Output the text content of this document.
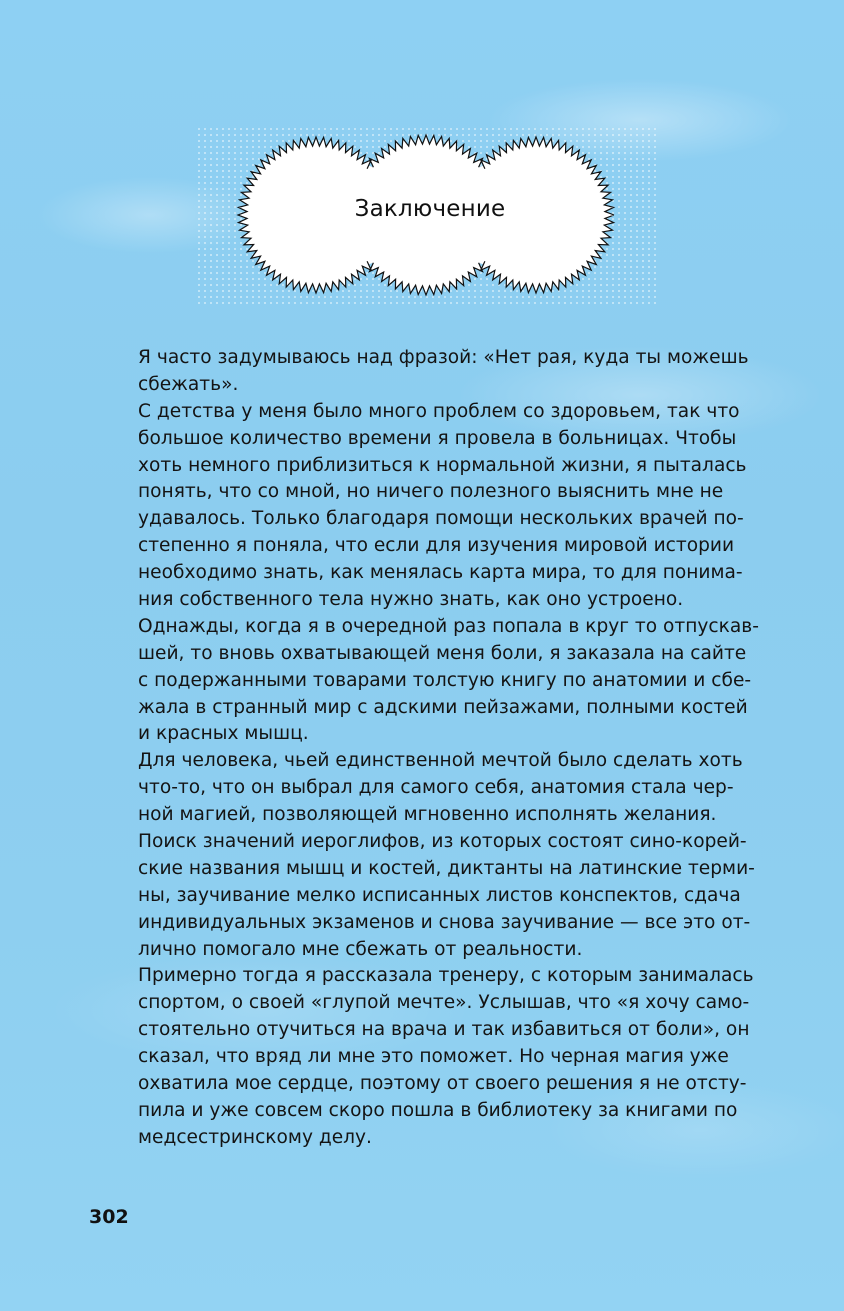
Заключение
Я часто задумываюсь над фразой: «Нет рая, куда ты можешь
сбежать».
С детства у меня было много проблем со здоровьем, так что
большое количество времени я провела в больницах. Чтобы
хоть немного приблизиться к нормальной жизни, я пыталась
понять, что со мной, но ничего полезного выяснить мне не
удавалось. Только благодаря помощи нескольких врачей по-
степенно я поняла, что если для изучения мировой истории
необходимо знать, как менялась карта мира, то для понима-
ния собственного тела нужно знать, как оно устроено.
Однажды, когда я в очередной раз попала в круг то отпускав-
шей, то вновь охватывающей меня боли, я заказала на сайте
с подержанными товарами толстую книгу по анатомии и сбе-
жала в странный мир с адскими пейзажами, полными костей
и красных мышц.
Для человека, чьей единственной мечтой было сделать хоть
что-то, что он выбрал для самого себя, анатомия стала чер-
ной магией, позволяющей мгновенно исполнять желания.
Поиск значений иероглифов, из которых состоят сино-корей-
ские названия мышц и костей, диктанты на латинские терми-
ны, заучивание мелко исписанных листов конспектов, сдача
индивидуальных экзаменов и снова заучивание — все это от-
лично помогало мне сбежать от реальности.
Примерно тогда я рассказала тренеру, с которым занималась
спортом, о своей «глупой мечте». Услышав, что «я хочу само-
стоятельно отучиться на врача и так избавиться от боли», он
сказал, что вряд ли мне это поможет. Но черная магия уже
охватила мое сердце, поэтому от своего решения я не отсту-
пила и уже совсем скоро пошла в библиотеку за книгами по
медсестринскому делу.
302
